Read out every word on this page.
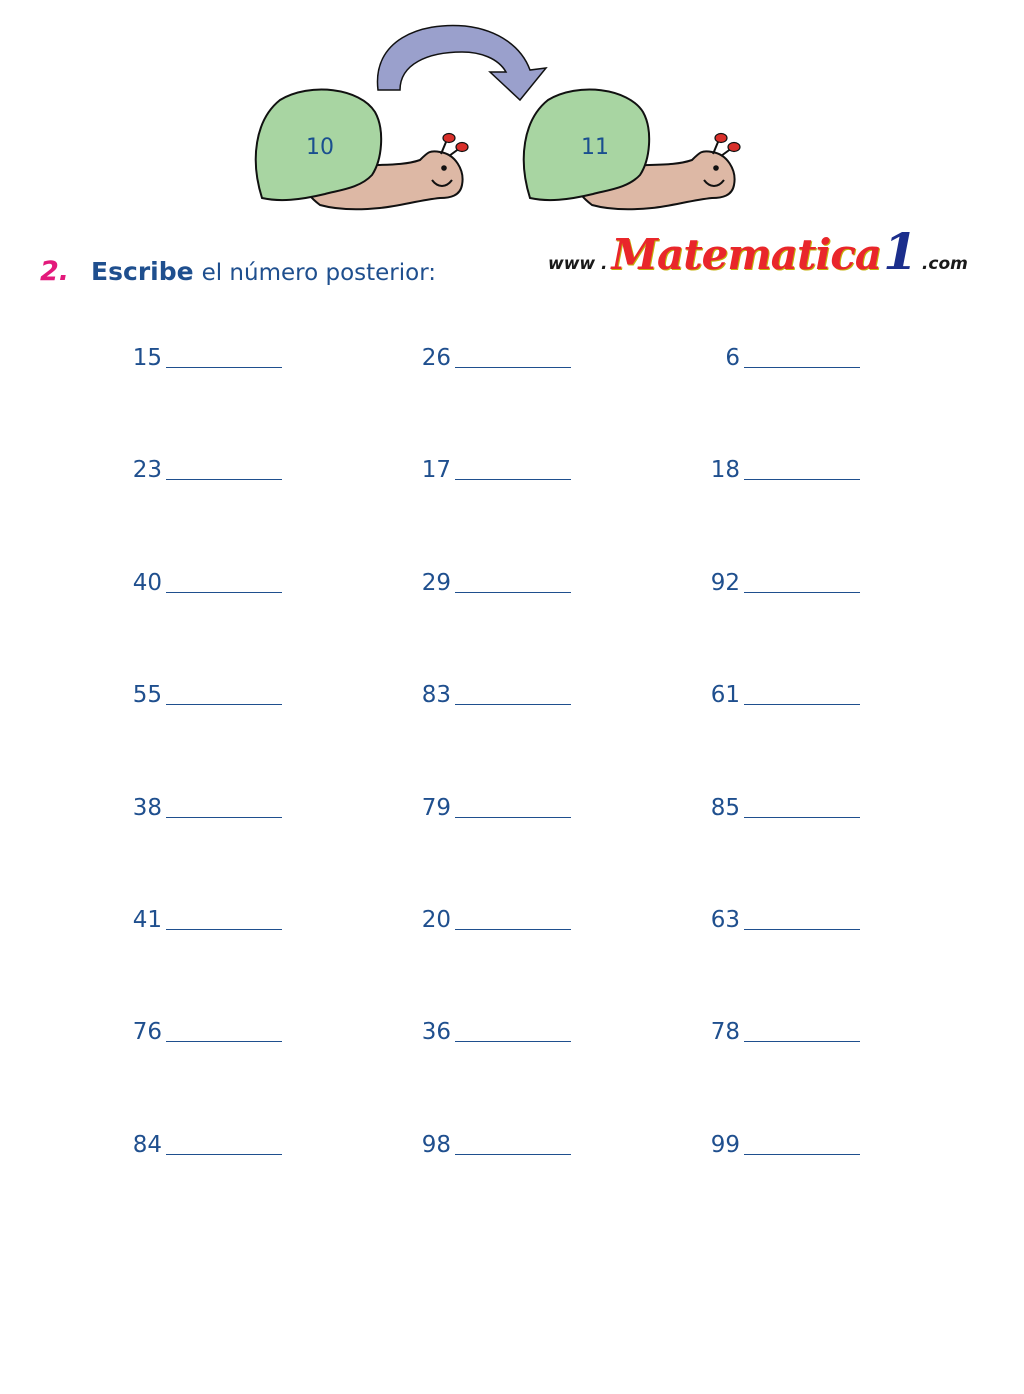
10	11
2. Escribe el número posterior:	www . Matematica 1 .com
15	26	6
23	17	18
40	29	92
55	83	61
38	79	85
41	20	63
76	36	78
84	98	99
